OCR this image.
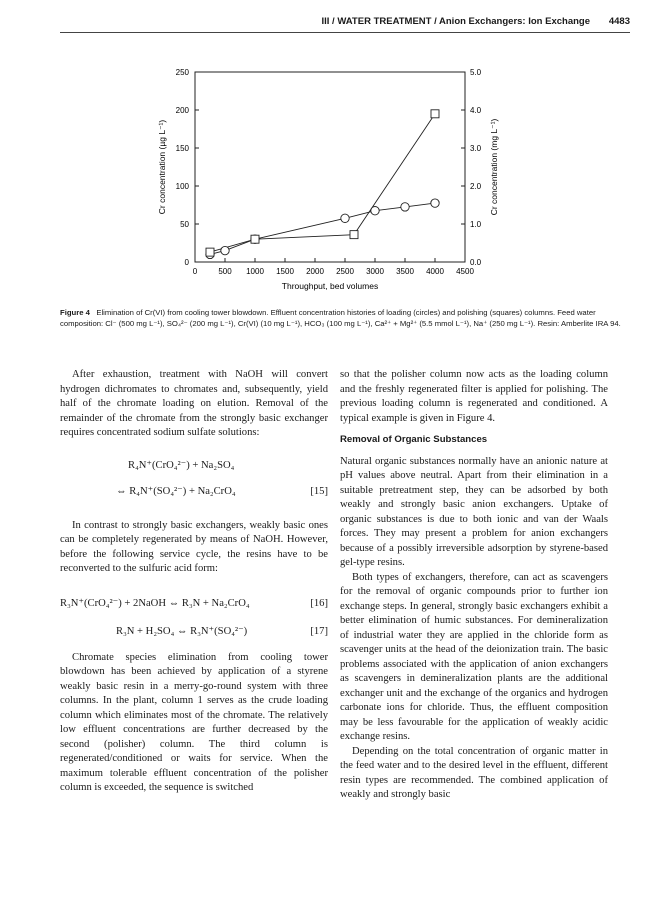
III / WATER TREATMENT / Anion Exchangers: Ion Exchange 4483
0	500 1000 1500 2000 2500 3000 3500 4000 4500
0
50
100
150
200
250
0.0
1.0
2.0
3.0
4.0
5.0
Throughput, bed volumes
Cr concentration (µg L⁻¹)	Cr concentration (mg L⁻¹)
Figure 4 Elimination of Cr(VI) from cooling tower blowdown. Effluent concentration histories of loading (circles) and polishing (squares) columns. Feed water composition: Cl⁻ (500 mg L⁻¹), SO₄²⁻ (200 mg L⁻¹), Cr(VI) (10 mg L⁻¹), HCO₃ (100 mg L⁻¹), Ca²⁺ + Mg²⁺ (5.5 mmol L⁻¹), Na⁺ (250 mg L⁻¹). Resin: Amberlite IRA 94.

After exhaustion, treatment with NaOH will convert hydrogen dichromates to chromates and, subsequently, yield half of the chromate loading on elution. Removal of the remainder of the chromate from the strongly basic exchanger requires concentrated sodium sulfate solutions:

R₄N⁺(CrO₄²⁻) + Na₂SO₄
⇔ R₄N⁺(SO₄²⁻) + Na₂CrO₄	[15]

In contrast to strongly basic exchangers, weakly basic ones can be completely regenerated by means of NaOH. However, before the following service cycle, the resins have to be reconverted to the sulfuric acid form:

R₃N⁺(CrO₄²⁻) + 2NaOH ⇔ R₃N + Na₂CrO₄	[16]
R₃N + H₂SO₄ ⇔ R₃N⁺(SO₄²⁻)	[17]

Chromate species elimination from cooling tower blowdown has been achieved by application of a styrene weakly basic resin in a merry-go-round system with three columns. In the plant, column 1 serves as the crude loading column which eliminates most of the chromate. The relatively low effluent concentrations are further decreased by the second (polisher) column. The third column is regenerated/conditioned or waits for service. When the maximum tolerable effluent concentration of the polisher column is exceeded, the sequence is switched

so that the polisher column now acts as the loading column and the freshly regenerated filter is applied for polishing. The previous loading column is regenerated and conditioned. A typical example is given in Figure 4.

Removal of Organic Substances

Natural organic substances normally have an anionic nature at pH values above neutral. Apart from their elimination in a suitable pretreatment step, they can be adsorbed by both weakly and strongly basic anion exchangers. Uptake of organic substances is due to both ionic and van der Waals forces. They may present a problem for anion exchangers because of a possibly irreversible adsorption by styrene-based gel-type resins.

Both types of exchangers, therefore, can act as scavengers for the removal of organic compounds prior to further ion exchange steps. In general, strongly basic exchangers exhibit a better elimination of humic substances. For demineralization of industrial water they are applied in the chloride form as scavenger units at the head of the deionization train. The basic problems associated with the application of anion exchangers as scavengers in demineralization plants are the additional exchanger unit and the exchange of the organics and hydrogen carbonate ions for chloride. Thus, the effluent composition may be less favourable for the application of weakly acidic exchange resins.

Depending on the total concentration of organic matter in the feed water and to the desired level in the effluent, different resin types are recommended. The combined application of weakly and strongly basic
